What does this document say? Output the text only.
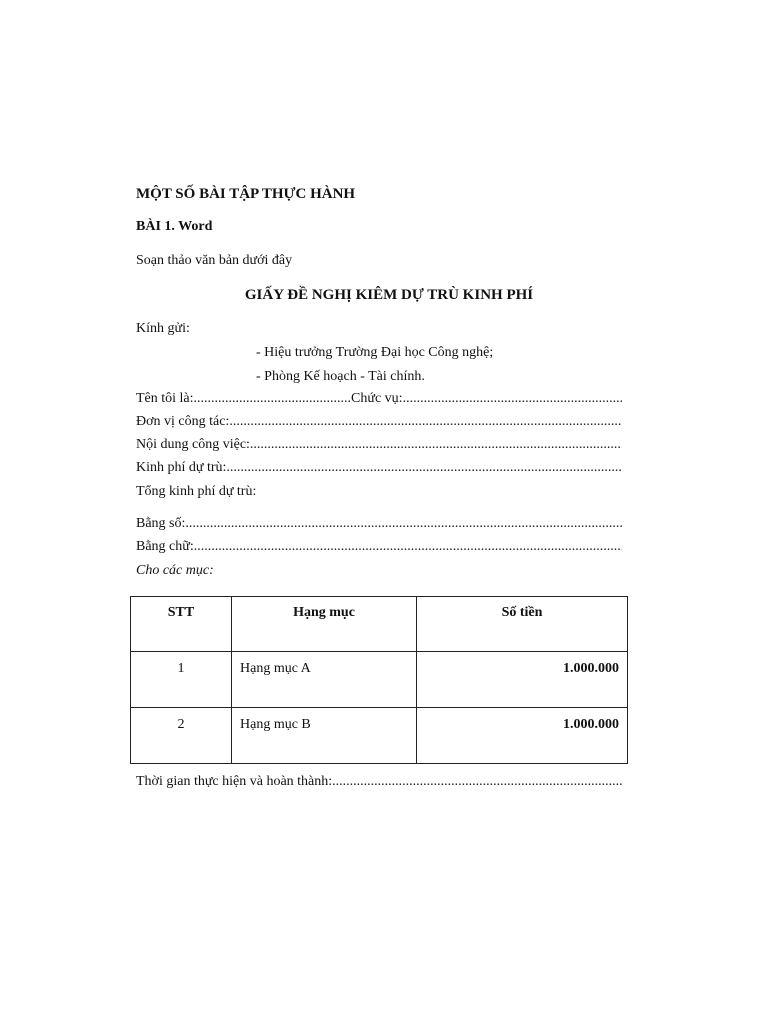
MỘT SỐ BÀI TẬP THỰC HÀNH
BÀI 1. Word
Soạn thảo văn bản dưới đây
GIẤY ĐỀ NGHỊ KIÊM DỰ TRÙ KINH PHÍ
Kính gửi:
- Hiệu trưởng Trường Đại học Công nghệ;
- Phòng Kế hoạch - Tài chính.
Tên tôi là: ............................................. Chức vụ:
.....
Đơn vị công tác:
.....
Nội dung công việc:
.....
Kinh phí dự trù:
.....
Tổng kinh phí dự trù:
Bằng số:
.....
Bằng chữ:
.....
Cho các mục:
STT	Hạng mục	Số tiền
1	Hạng mục A	1.000.000
2	Hạng mục B	1.000.000
Thời gian thực hiện và hoàn thành:
.....
